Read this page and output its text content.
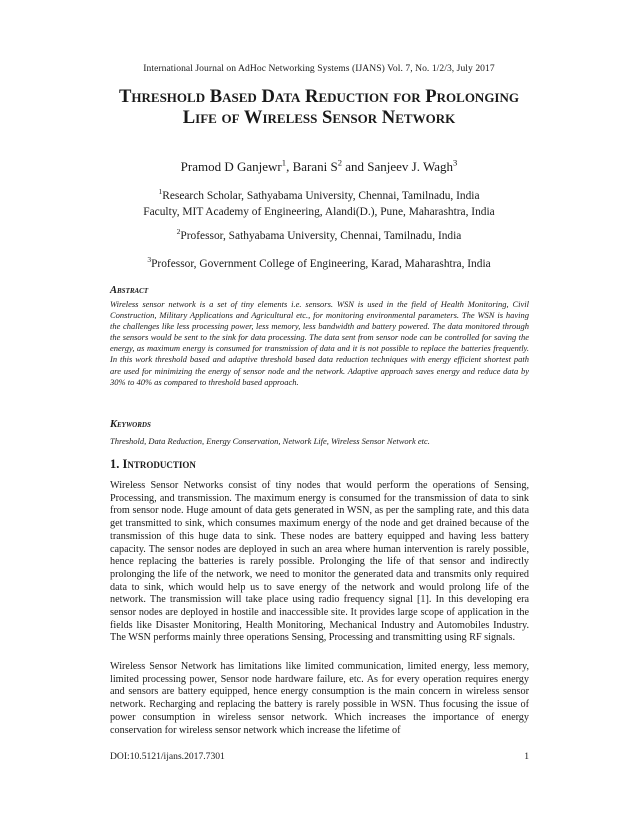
International Journal on AdHoc Networking Systems (IJANS) Vol. 7, No. 1/2/3, July 2017
Threshold Based Data Reduction for Prolonging Life of Wireless Sensor Network
Pramod D Ganjewr$^1$, Barani $S^2$ and Sanjeev J. Wagh$^3$
$^1$Research Scholar, Sathyabama University, Chennai, Tamilnadu, India
Faculty, MIT Academy of Engineering, Alandi(D.), Pune, Maharashtra, India
$^2$Professor, Sathyabama University, Chennai, Tamilnadu, India
$^3$Professor, Government College of Engineering, Karad, Maharashtra, India
Abstract

Wireless sensor network is a set of tiny elements i.e. sensors. WSN is used in the field of Health Monitoring, Civil Construction, Military Applications and Agricultural etc., for monitoring environmental parameters. The WSN is having the challenges like less processing power, less memory, less bandwidth and battery powered. The data monitored through the sensors would be sent to the sink for data processing. The data sent from sensor node can be controlled for saving the energy, as maximum energy is consumed for transmission of data and it is not possible to replace the batteries frequently. In this work threshold based and adaptive threshold based data reduction techniques with energy efficient shortest path are used for minimizing the energy of sensor node and the network. Adaptive approach saves energy and reduce data by 30% to 40% as compared to threshold based approach.

Keywords

Threshold, Data Reduction, Energy Conservation, Network Life, Wireless Sensor Network etc.

1. Introduction

Wireless Sensor Networks consist of tiny nodes that would perform the operations of Sensing, Processing, and transmission. The maximum energy is consumed for the transmission of data to sink from sensor node. Huge amount of data gets generated in WSN, as per the sampling rate, and this data get transmitted to sink, which consumes maximum energy of the node and get drained because of the transmission of this huge data to sink. These nodes are battery equipped and having less battery capacity. The sensor nodes are deployed in such an area where human intervention is rarely possible, hence replacing the batteries is rarely possible. Prolonging the life of that sensor and indirectly prolonging the life of the network, we need to monitor the generated data and transmits only required data to sink, which would help us to save energy of the network and would prolong life of the network. The transmission will take place using radio frequency signal [1]. In this developing era sensor nodes are deployed in hostile and inaccessible site. It provides large scope of application in the fields like Disaster Monitoring, Health Monitoring, Mechanical Industry and Automobiles Industry. The WSN performs mainly three operations Sensing, Processing and transmitting using RF signals.

Wireless Sensor Network has limitations like limited communication, limited energy, less memory, limited processing power, Sensor node hardware failure, etc. As for every operation requires energy and sensors are battery equipped, hence energy consumption is the main concern in wireless sensor network. Recharging and replacing the battery is rarely possible in WSN. Thus focusing the issue of power consumption in wireless sensor network. Which increases the importance of energy conservation for wireless sensor network which increase the lifetime of

DOI:10.5121/ijans.2017.7301	1
